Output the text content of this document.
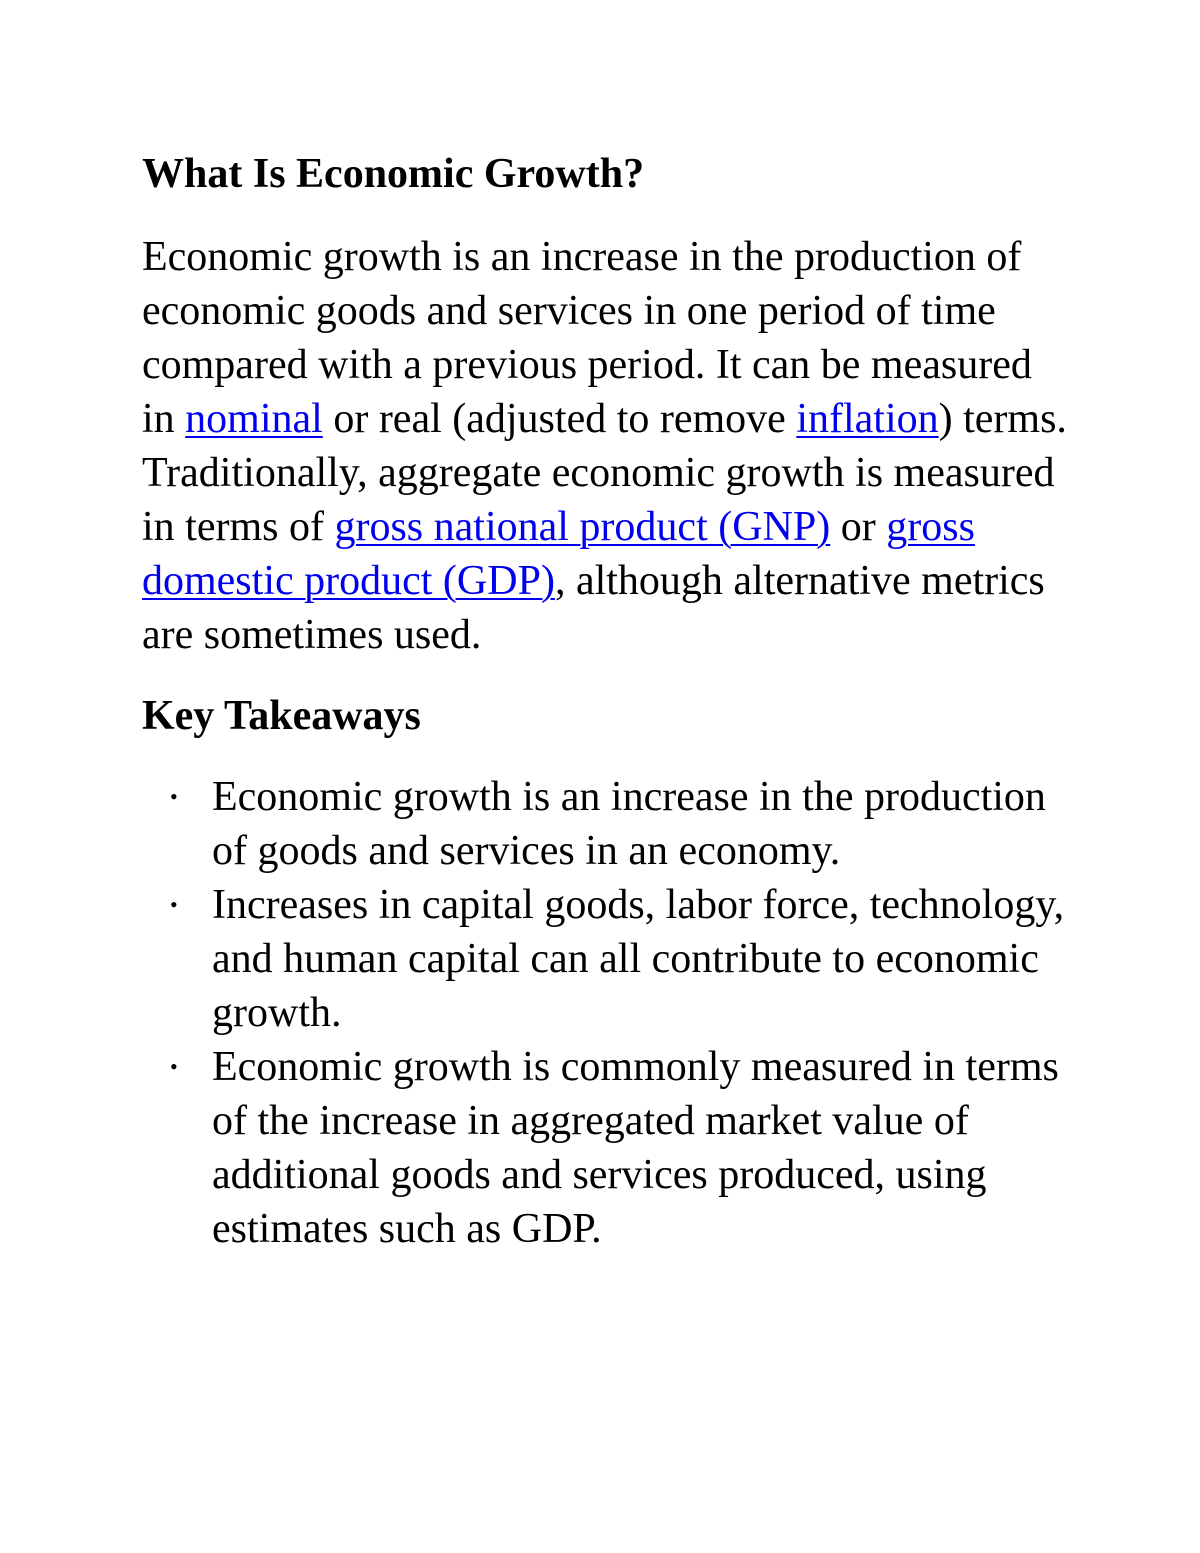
What Is Economic Growth?

Economic growth is an increase in the production of economic goods and services in one period of time compared with a previous period. It can be measured in nominal or real (adjusted to remove inflation) terms. Traditionally, aggregate economic growth is measured in terms of gross national product (GNP) or gross domestic product (GDP), although alternative metrics are sometimes used.

Key Takeaways
• Economic growth is an increase in the production of goods and services in an economy.
• Increases in capital goods, labor force, technology, and human capital can all contribute to economic growth.
• Economic growth is commonly measured in terms of the increase in aggregated market value of additional goods and services produced, using estimates such as GDP.
